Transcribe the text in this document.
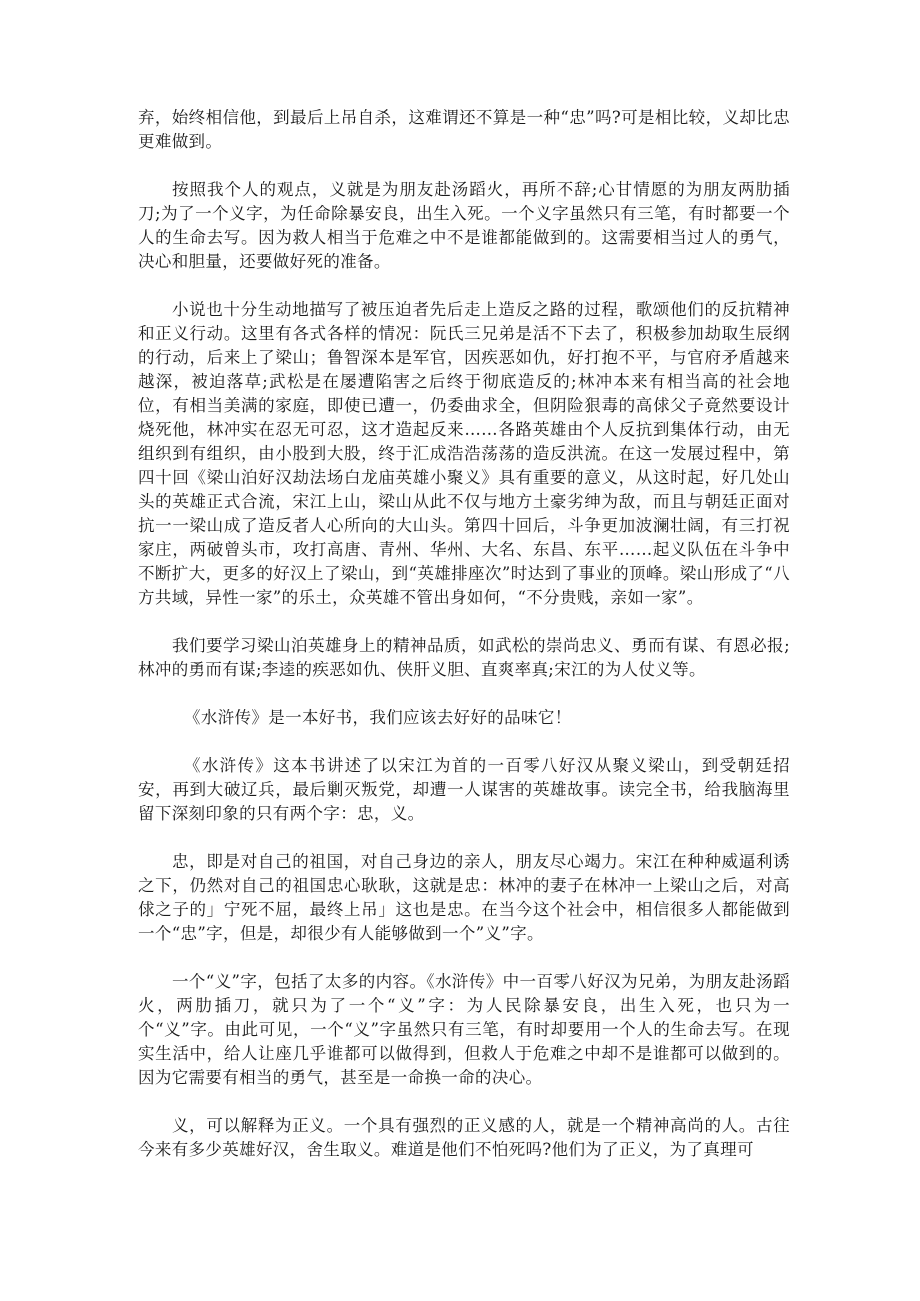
弃，始终相信他，到最后上吊自杀，这难谓还不算是一种“忠”吗?可是相比较，义却比忠更难做到。

按照我个人的观点，义就是为朋友赴汤蹈火，再所不辞;心甘情愿的为朋友两肋插刀;为了一个义字，为任命除暴安良，出生入死。一个义字虽然只有三笔，有时都要一个人的生命去写。因为救人相当于危难之中不是谁都能做到的。这需要相当过人的勇气，决心和胆量，还要做好死的准备。

小说也十分生动地描写了被压迫者先后走上造反之路的过程，歌颂他们的反抗精神和正义行动。这里有各式各样的情况：阮氏三兄弟是活不下去了，积极参加劫取生辰纲的行动，后来上了梁山；鲁智深本是军官，因疾恶如仇，好打抱不平，与官府矛盾越来越深，被迫落草;武松是在屡遭陷害之后终于彻底造反的;林冲本来有相当高的社会地位，有相当美满的家庭，即使已遭一，仍委曲求全，但阴险狠毒的高俅父子竟然要设计烧死他，林冲实在忍无可忍，这才造起反来……各路英雄由个人反抗到集体行动，由无组织到有组织，由小股到大股，终于汇成浩浩荡荡的造反洪流。在这一发展过程中，第四十回《梁山泊好汉劫法场白龙庙英雄小聚义》具有重要的意义，从这时起，好几处山头的英雄正式合流，宋江上山，梁山从此不仅与地方土豪劣绅为敌，而且与朝廷正面对抗一一梁山成了造反者人心所向的大山头。第四十回后，斗争更加波澜壮阔，有三打祝家庄，两破曾头市，攻打高唐、青州、华州、大名、东昌、东平……起义队伍在斗争中不断扩大，更多的好汉上了梁山，到“英雄排座次”时达到了事业的顶峰。梁山形成了“八方共域，异性一家”的乐土，众英雄不管出身如何，“不分贵贱，亲如一家”。

我们要学习梁山泊英雄身上的精神品质，如武松的崇尚忠义、勇而有谋、有恩必报;林冲的勇而有谋;李逵的疾恶如仇、侠肝义胆、直爽率真;宋江的为人仗义等。

《水浒传》是一本好书，我们应该去好好的品味它！

《水浒传》这本书讲述了以宋江为首的一百零八好汉从聚义梁山，到受朝廷招安，再到大破辽兵，最后剿灭叛党，却遭一人谋害的英雄故事。读完全书，给我脑海里留下深刻印象的只有两个字：忠，义。

忠，即是对自己的祖国，对自己身边的亲人，朋友尽心竭力。宋江在种种威逼利诱之下，仍然对自己的祖国忠心耿耿，这就是忠：林冲的妻子在林冲一上梁山之后，对高俅之子的」宁死不屈，最终上吊」这也是忠。在当今这个社会中，相信很多人都能做到一个“忠”字，但是，却很少有人能够做到一个”义”字。

一个“义”字，包括了太多的内容。《水浒传》中一百零八好汉为兄弟，为朋友赴汤蹈火，两肋插刀，就只为了一个“义”字：为人民除暴安良，出生入死，也只为一个“义”字。由此可见，一个“义”字虽然只有三笔，有时却要用一个人的生命去写。在现实生活中，给人让座几乎谁都可以做得到，但救人于危难之中却不是谁都可以做到的。因为它需要有相当的勇气，甚至是一命换一命的决心。

义，可以解释为正义。一个具有强烈的正义感的人，就是一个精神高尚的人。古往今来有多少英雄好汉，舍生取义。难道是他们不怕死吗?他们为了正义，为了真理可
